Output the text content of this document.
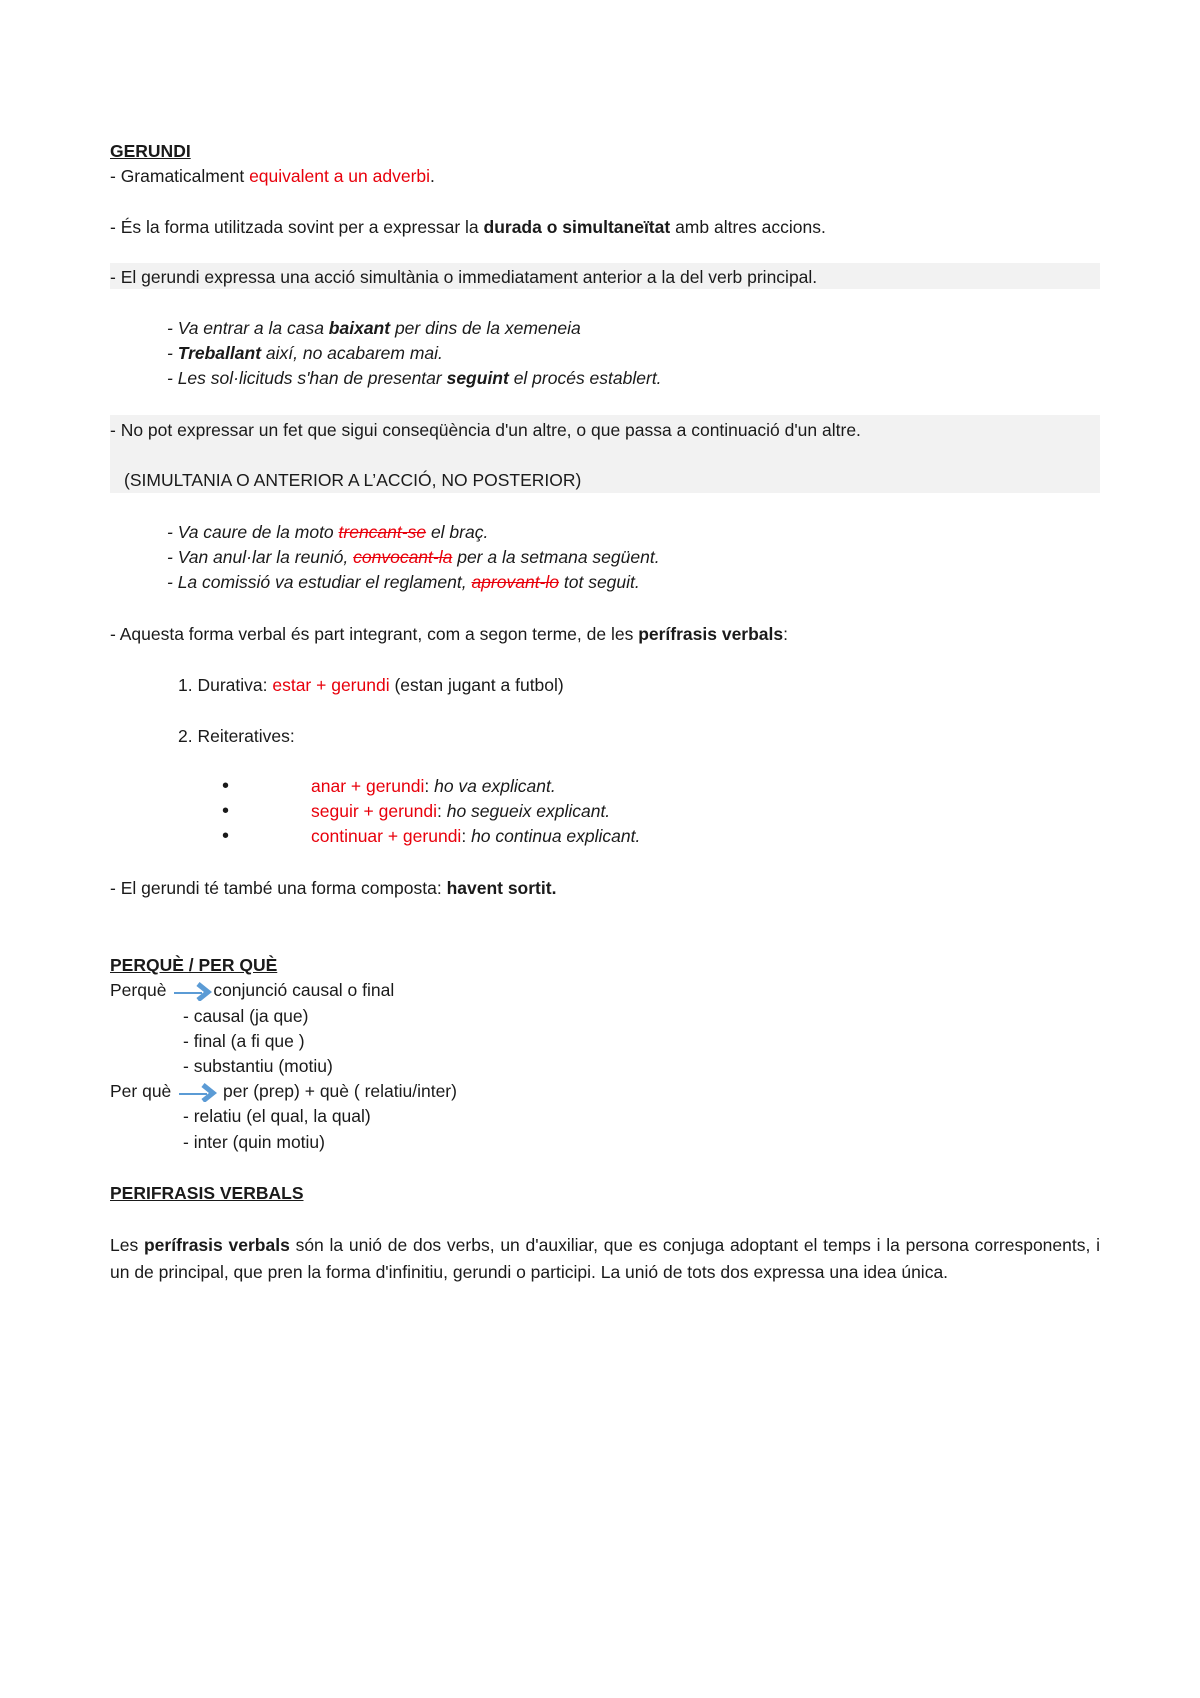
GERUNDI
- Gramaticalment equivalent a un adverbi.
- És la forma utilitzada sovint per a expressar la durada o simultaneïtat amb altres accions.
- El gerundi expressa una acció simultània o immediatament anterior a la del verb principal.
- Va entrar a la casa baixant per dins de la xemeneia
- Treballant així, no acabarem mai.
- Les sol·licituds s'han de presentar seguint el procés establert.
- No pot expressar un fet que sigui conseqüència d'un altre, o que passa a continuació d'un altre.
(SIMULTANIA O ANTERIOR A L’ACCIÓ, NO POSTERIOR)
- Va caure de la moto trencant-se el braç.
- Van anul·lar la reunió, convocant-la per a la setmana següent.
- La comissió va estudiar el reglament, aprovant-lo tot seguit.
- Aquesta forma verbal és part integrant, com a segon terme, de les perífrasis verbals:
1. Durativa: estar + gerundi (estan jugant a futbol)
2. Reiteratives:
•	anar + gerundi: ho va explicant.
•	seguir + gerundi: ho segueix explicant.
•	continuar + gerundi: ho continua explicant.
- El gerundi té també una forma composta: havent sortit.
PERQUÈ / PER QUÈ
Perquè	conjunció causal o final
- causal (ja que)
- final (a fi que )
- substantiu (motiu)
Per què	per (prep) + què ( relatiu/inter)
- relatiu (el qual, la qual)
- inter (quin motiu)
PERIFRASIS VERBALS
Les perífrasis verbals són la unió de dos verbs, un d'auxiliar, que es conjuga adoptant el temps i la persona corresponents, i un de principal, que pren la forma d'infinitiu, gerundi o participi. La unió de tots dos expressa una idea única.
